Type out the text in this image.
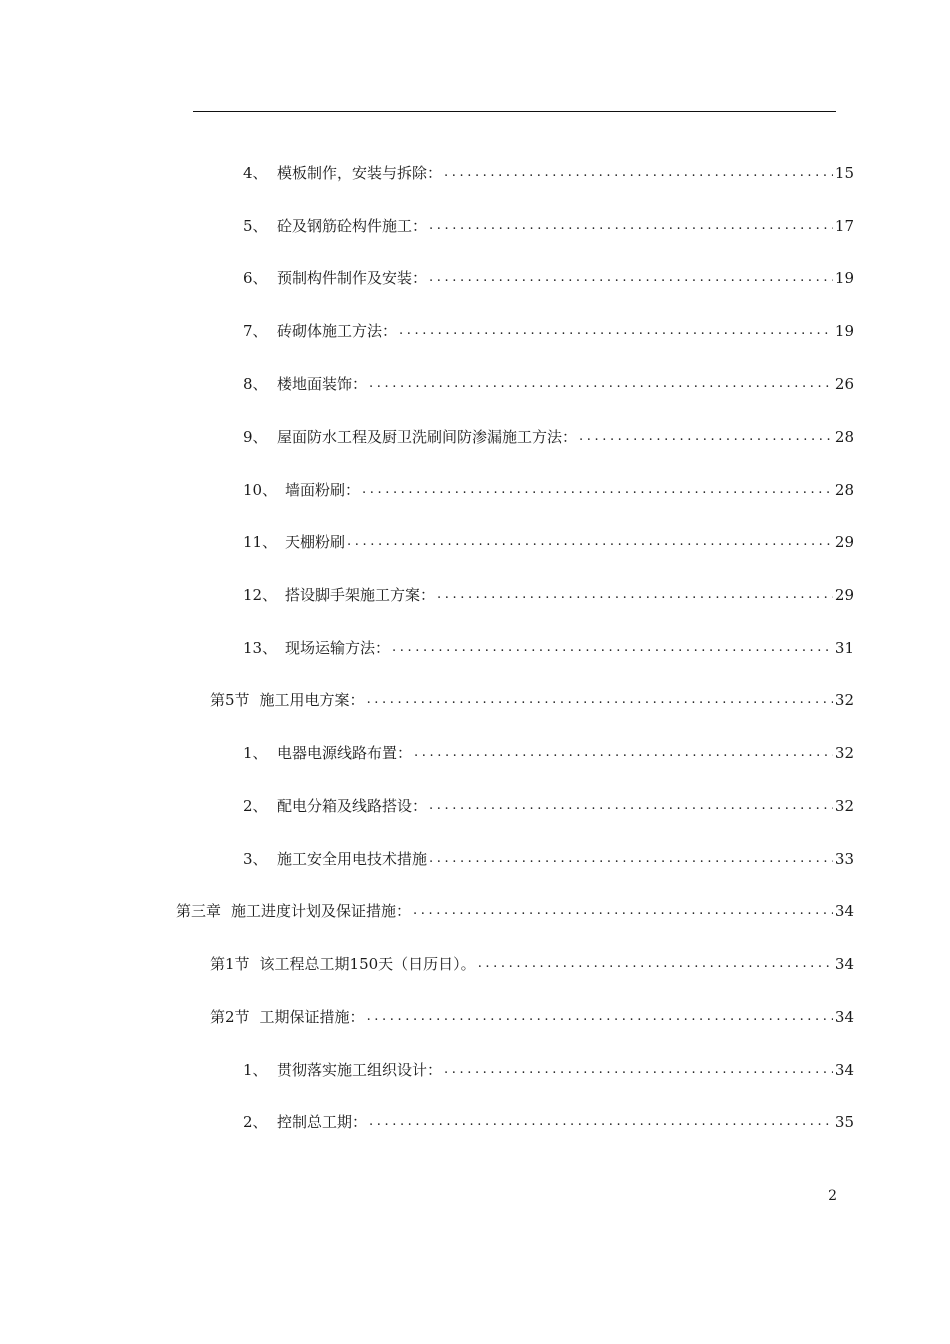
4、 模板制作，安装与拆除： .....	15
5、 砼及钢筋砼构件施工： .....	17
6、 预制构件制作及安装： .....	19
7、 砖砌体施工方法： .....	19
8、 楼地面装饰： .....	26
9、 屋面防水工程及厨卫洗刷间防渗漏施工方法： .....	28
10、 墙面粉刷： .....	28
11、 天棚粉刷 .....	29
12、 搭设脚手架施工方案： .....	29
13、 现场运输方法： .....	31
第5节 施工用电方案： .....	32
1、 电器电源线路布置： .....	32
2、 配电分箱及线路搭设： .....	32
3、 施工安全用电技术措施 .....	33
第三章 施工进度计划及保证措施： .....	34
第1节 该工程总工期150天（日历日）。 .....	34
第2节 工期保证措施： .....	34
1、 贯彻落实施工组织设计： .....	34
2、 控制总工期： .....	35
2
